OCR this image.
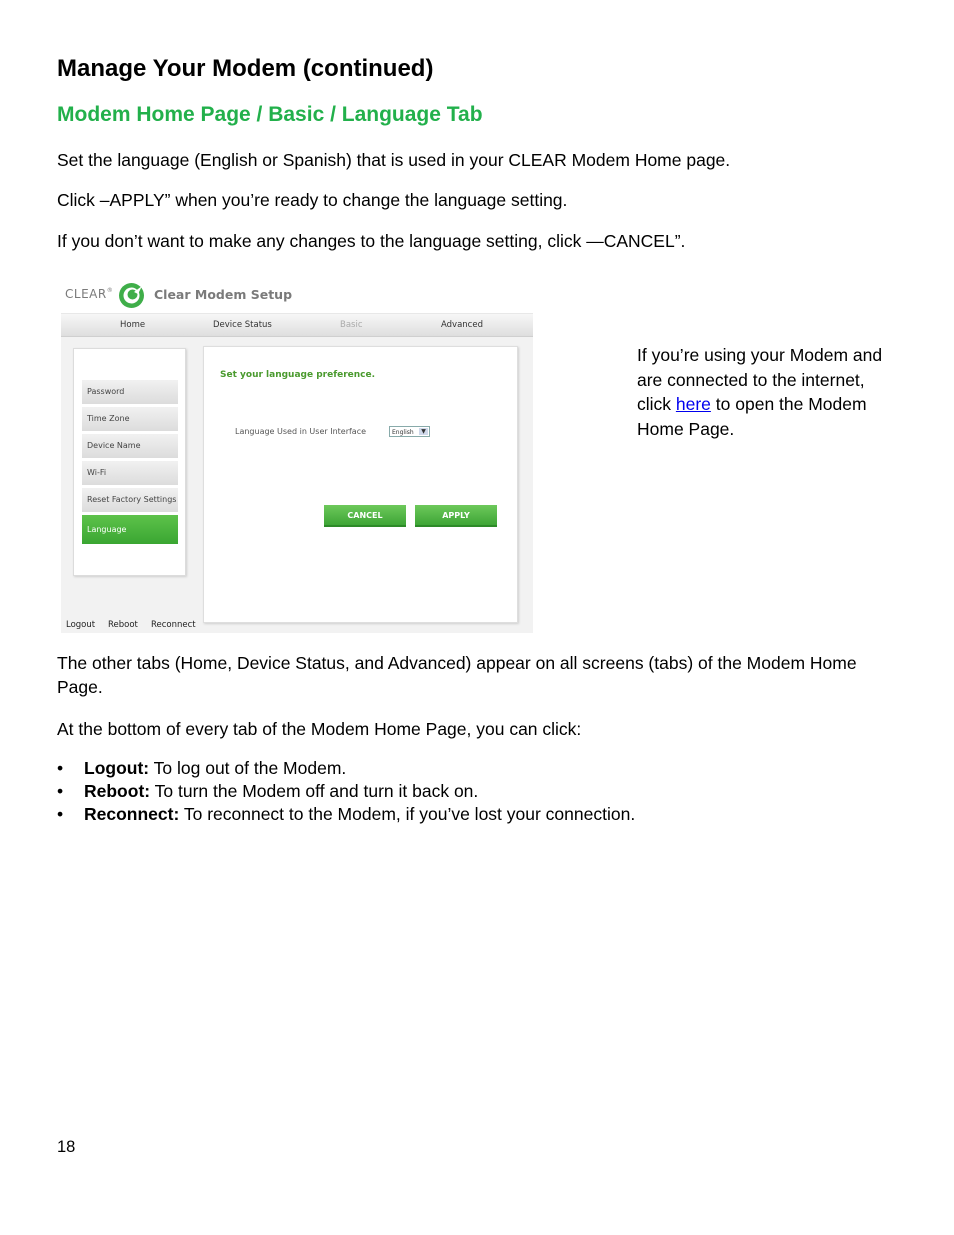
Manage Your Modem (continued)
Modem Home Page / Basic / Language Tab
Set the language (English or Spanish) that is used in your CLEAR Modem Home page.
Click –APPLY” when you’re ready to change the language setting.
If you don’t want to make any changes to the language setting, click —CANCEL”.
CLEAR®	Clear Modem Setup
Home	Device Status	Basic	Advanced
Password
Time Zone
Device Name
Wi-Fi
Reset Factory Settings
Language
Set your language preference.
Language Used in User Interface	English	▼
CANCEL	APPLY
Logout Reboot Reconnect
If you’re using your Modem and are connected to the internet, click here to open the Modem Home Page.
The other tabs (Home, Device Status, and Advanced) appear on all screens (tabs) of the Modem Home Page.
At the bottom of every tab of the Modem Home Page, you can click:
• Logout: To log out of the Modem.
• Reboot: To turn the Modem off and turn it back on.
• Reconnect: To reconnect to the Modem, if you’ve lost your connection.
18
